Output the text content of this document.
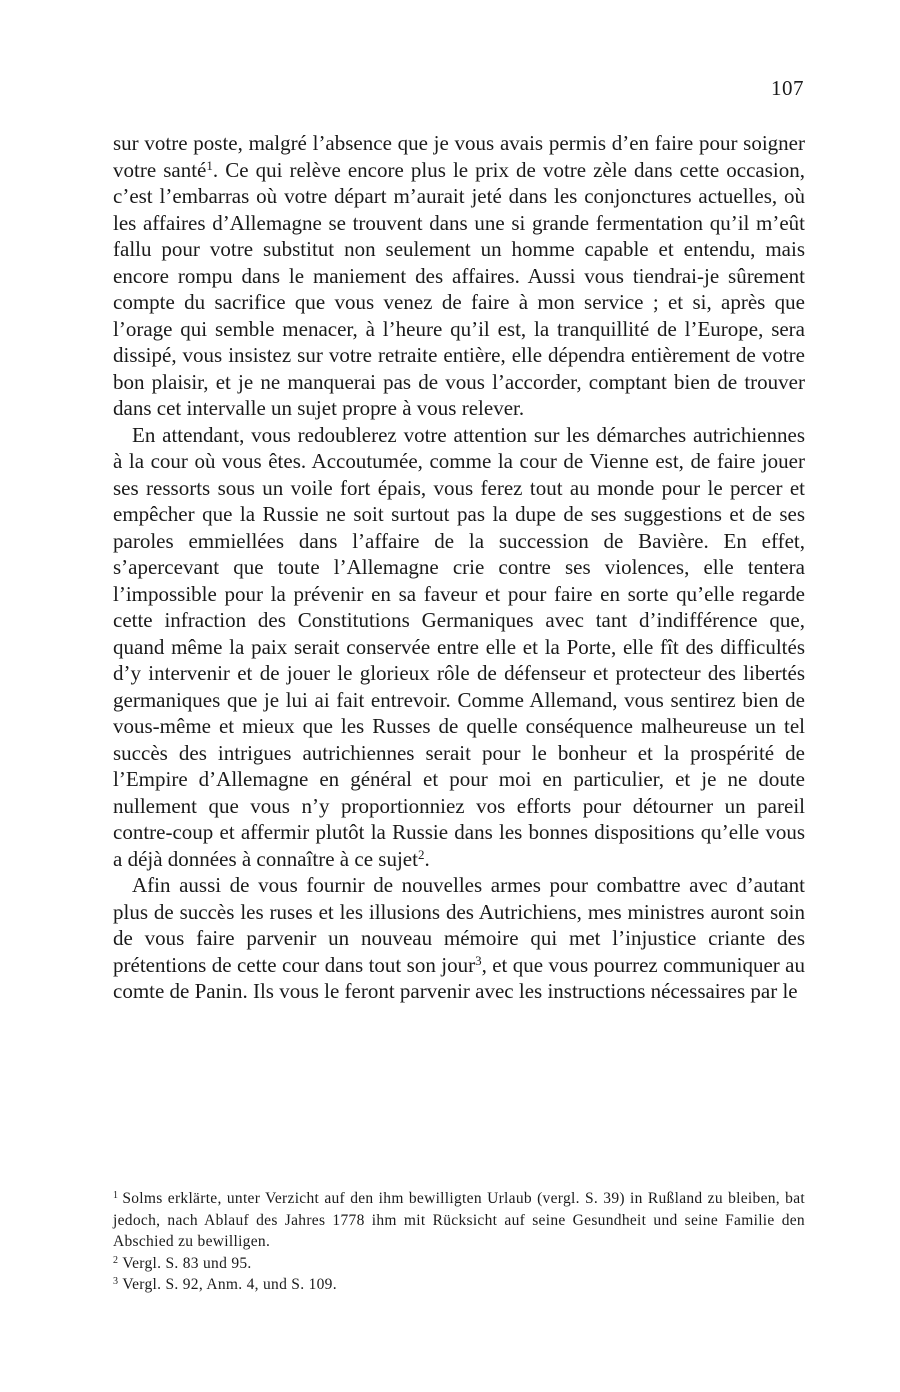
107

sur votre poste, malgré l’absence que je vous avais permis d’en faire pour soigner votre santé$^1$. Ce qui relève encore plus le prix de votre zèle dans cette occasion, c’est l’embarras où votre départ m’aurait jeté dans les conjonctures actuelles, où les affaires d’Allemagne se trouvent dans une si grande fermentation qu’il m’eût fallu pour votre substitut non seulement un homme capable et entendu, mais encore rompu dans le maniement des affaires. Aussi vous tiendrai-je sûrement compte du sacrifice que vous venez de faire à mon service ; et si, après que l’orage qui semble menacer, à l’heure qu’il est, la tranquillité de l’Europe, sera dissipé, vous insistez sur votre retraite entière, elle dépendra entièrement de votre bon plaisir, et je ne manquerai pas de vous l’accorder, comptant bien de trouver dans cet intervalle un sujet propre à vous relever.

En attendant, vous redoublerez votre attention sur les démarches autrichiennes à la cour où vous êtes. Accoutumée, comme la cour de Vienne est, de faire jouer ses ressorts sous un voile fort épais, vous ferez tout au monde pour le percer et empêcher que la Russie ne soit surtout pas la dupe de ses suggestions et de ses paroles emmiellées dans l’affaire de la succession de Bavière. En effet, s’apercevant que toute l’Allemagne crie contre ses violences, elle tentera l’impossible pour la prévenir en sa faveur et pour faire en sorte qu’elle regarde cette infraction des Constitutions Germaniques avec tant d’indifférence que, quand même la paix serait conservée entre elle et la Porte, elle fît des difficultés d’y intervenir et de jouer le glorieux rôle de défenseur et protecteur des libertés germaniques que je lui ai fait entrevoir. Comme Allemand, vous sentirez bien de vous-même et mieux que les Russes de quelle conséquence malheureuse un tel succès des intrigues autrichiennes serait pour le bonheur et la prospérité de l’Empire d’Allemagne en général et pour moi en particulier, et je ne doute nullement que vous n’y proportionniez vos efforts pour détourner un pareil contre-coup et affermir plutôt la Russie dans les bonnes dispositions qu’elle vous a déjà données à connaître à ce sujet$^2$.

Afin aussi de vous fournir de nouvelles armes pour combattre avec d’autant plus de succès les ruses et les illusions des Autrichiens, mes ministres auront soin de vous faire parvenir un nouveau mémoire qui met l’injustice criante des prétentions de cette cour dans tout son jour$^3$, et que vous pourrez communiquer au comte de Panin. Ils vous le feront parvenir avec les instructions nécessaires par le

$^1$ Solms erklärte, unter Verzicht auf den ihm bewilligten Urlaub (vergl. S. 39) in Rußland zu bleiben, bat jedoch, nach Ablauf des Jahres 1778 ihm mit Rücksicht auf seine Gesundheit und seine Familie den Abschied zu bewilligen.

$^2$ Vergl. S. 83 und 95.

$^3$ Vergl. S. 92, Anm. 4, und S. 109.
